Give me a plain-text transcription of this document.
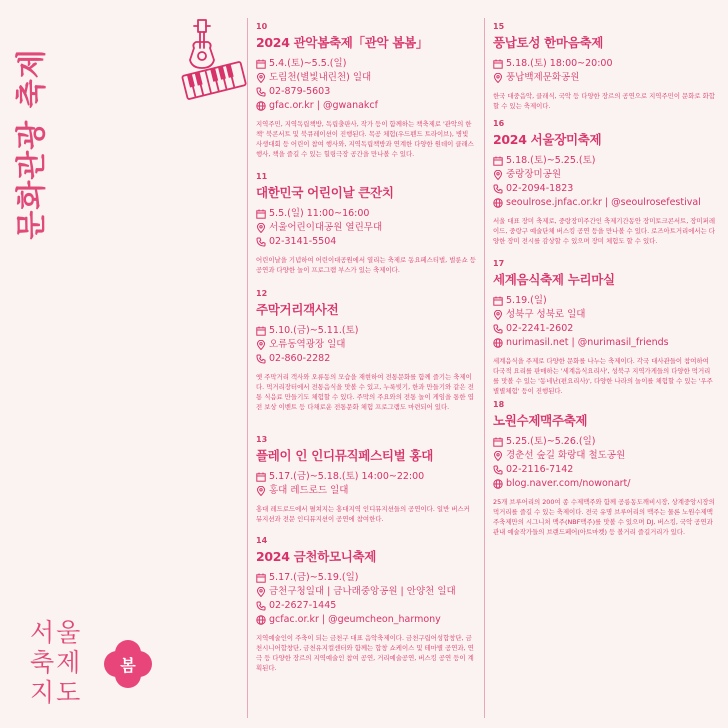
문화관광 축제
서울
축제
지도
봄
10
2024 관악봄축제「관악 봄봄」
5.4.(토)~5.5.(일)
도림천(별빛내린천) 일대
02-879-5603
gfac.or.kr | @gwanakcf
지역주민, 지역독립책방, 독립출판사, 작가 등이 함께하는 책축제로 '관악의 한책' 북콘서트 및 북큐레이션이 진행된다. 목공 체험(우드펜드 트라이브), 병빛 사생대회 등 어린이 참여 행사와, 지역독립책방과 연계한 다양한 원데이 클래스 행사, 책을 즐길 수 있는 힐링극장 공간을 만나볼 수 있다.
11
대한민국 어린이날 큰잔치
5.5.(일) 11:00~16:00
서울어린이대공원 열린무대
02-3141-5504
어린이날을 기념하여 어린이대공원에서 열리는 축제로 동요페스티벌, 벌룬쇼 등 공연과 다양한 놀이 프로그램 부스가 있는 축제이다.
12
주막거리객사전
5.10.(금)~5.11.(토)
오류동역광장 일대
02-860-2282
옛 주막거리 객사와 오류동의 모습을 재현하여 전통문화를 함께 즐기는 축제이다. 먹거리장터에서 전통음식을 맛볼 수 있고, 누룩빚기, 한과 만들기와 같은 전통 식음료 만들기도 체험할 수 있다. 주막의 주요와의 전통 놀이 게임을 통한 엽전 보상 이벤트 등 다채로운 전통문화 체험 프로그램도 마련되어 있다.
13
플레이 인 인디뮤직페스티벌 홍대
5.17.(금)~5.18.(토) 14:00~22:00
홍대 레드로드 일대
홍대 레드로드에서 펼쳐지는 홍대지역 인디뮤지션들의 공연이다. 일반 버스커 뮤지션과 전문 인디뮤지션이 공연에 참여한다.
14
2024 금천하모니축제
5.17.(금)~5.19.(일)
금천구청일대 | 금나래중앙공원 | 안양천 일대
02-2627-1445
gcfac.or.kr | @geumcheon_harmony
지역예술인이 주축이 되는 금천구 대표 음악축제이다. 금천구립어성합창단, 금천시니어합창단, 금천유지컬센터와 함께는 합창 쇼케이스 및 테마별 공연과, 연극 등 다양한 장르의 지역예술인 참여 공연, 거리예술공연, 버스킹 공연 등이 계획된다.
15
풍납토성 한마음축제
5.18.(토) 18:00~20:00
풍납백제문화공원
한국 대중음악, 클래식, 국악 등 다양한 장르의 공연으로 지역주민이 문화로 화합할 수 있는 축제이다.
16
2024 서울장미축제
5.18.(토)~5.25.(토)
중랑장미공원
02-2094-1823
seoulrose.jnfac.or.kr | @seoulrosefestival
서울 대표 장미 축제로, 중랑장미주간인 축제기간동안 장미토크콘서트, 장미퍼레이드, 중랑구 예술단체 버스킹 공연 등을 만나볼 수 있다. 로즈아트거리에서는 다양한 장미 전시를 감상할 수 있으며 장미 체험도 할 수 있다.
17
세계음식축제 누리마실
5.19.(일)
성북구 성북로 일대
02-2241-2602
nurimasil.net | @nurimasil_friends
세계음식을 주제로 다양한 문화를 나누는 축제이다. 각국 대사관들이 참여하여 다국적 요리를 판매하는 '세계음식요리사', 성북구 지역가게들의 다양한 먹거리를 맛볼 수 있는 '동네난(편요리사)', 다양한 나라의 놀이를 체험할 수 있는 '우주별별체험' 등이 진행된다.
18
노원수제맥주축제
5.25.(토)~5.26.(일)
경춘선 숲길 화랑대 철도공원
02-2116-7142
blog.naver.com/nowonart/
25개 브루어리의 200여 종 수제맥주와 함께 공릉동도깨비시장, 상계중앙시장의 먹거리를 즐길 수 있는 축제이다. 전국 유명 브루어리의 맥주는 물론 노원수제맥주축제만의 시그니처 맥주(NBF맥주)를 맛볼 수 있으며 DJ, 버스킹, 국악 공연과 관내 예술작가들의 브랜드페어(아트마켓) 등 볼거리 즐길거리가 있다.
